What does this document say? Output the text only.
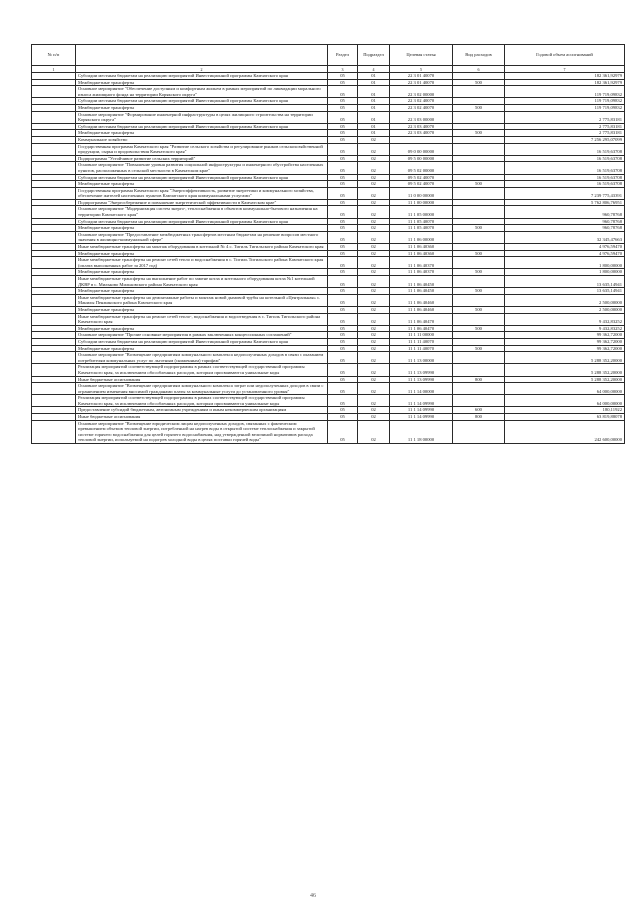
№ п/п		Раздел	Подраздел	Целевая статья	Вид расходов	Годовой объем ассигнований
1	2	3	4	5	6	7
	Субсидии местным бюджетам на реализацию мероприятий Инвестиционной программы Камчатского края	05	01	22 3 01 40070		182 361,92979
	Межбюджетные трансферты	05	01	22 3 01 40070	500	182 361,92979
	Основное мероприятие "Обеспечение доступным и комфортным жильем в рамках мероприятий по ликвидации морального износа жилищного фонда на территории Корякского округа"	05	01	22 3 02 00000		119 719,09832
	Субсидии местным бюджетам на реализацию мероприятий Инвестиционной программы Камчатского края	05	01	22 3 02 40070		119 719,09832
	Межбюджетные трансферты	05	01	22 3 02 40070	500	119 719,09832
	Основное мероприятие "Формирование инженерной инфраструктуры в целях жилищного строительства на территории Корякского округа"	05	01	22 3 03 00000		2 775,83181
	Субсидии местным бюджетам на реализацию мероприятий Инвестиционной программы Камчатского края	05	01	22 3 03 40070		2 775,83181
	Межбюджетные трансферты	05	01	22 3 03 40070	500	2 775,83181
	Коммунальное хозяйство	05	02			7 256 295,07099
	Государственная программа Камчатского края "Развитие сельского хозяйства и регулирование рынков сельскохозяйственной продукции, сырья и продовольствия Камчатского края"	05	02	09 0 00 00000		16 519,63708
	Подпрограмма "Устойчивое развитие сельских территорий"	05	02	09 5 00 00000		16 519,63708
	Основное мероприятие "Повышение уровня развития социальной инфраструктуры и инженерного обустройства населенных пунктов, расположенных в сельской местности в Камчатском крае"	05	02	09 5 02 00000		16 519,63708
	Субсидии местным бюджетам на реализацию мероприятий Инвестиционной программы Камчатского края	05	02	09 5 02 40070		16 519,63708
	Межбюджетные трансферты	05	02	09 5 02 40070	500	16 519,63708
	Государственная программа Камчатского края "Энергоэффективность, развитие энергетики и коммунального хозяйства, обеспечение жителей населенных пунктов Камчатского края коммунальными услугами"	05	02	11 0 00 00000		7 239 775,43391
	Подпрограмма "Энергосбережение и повышение энергетической эффективности в Камчатском крае"	05	02	11 1 00 00000		5 762 806,76951
	Основное мероприятие "Модернизация систем энерго-, теплоснабжения в объектов коммунально-бытового назначения на территории Камчатского края"	05	02	11 1 05 00000		960,78768
	Субсидии местным бюджетам на реализацию мероприятий Инвестиционной программы Камчатского края	05	02	11 1 05 40070		960,78768
	Межбюджетные трансферты	05	02	11 1 05 40070	500	960,78768
	Основное мероприятие "Предоставление межбюджетных трансфертов местным бюджетам на решение вопросов местного значения в жилищно-коммунальной сфере"	05	02	11 1 06 00000		32 345,47663
	Иные межбюджетные трансферты на монтаж оборудования в котельной № 4 с. Тигиль Тигильского района Камчатского края	05	02	11 1 06 40360		4 976,59470
	Межбюджетные трансферты	05	02	11 1 06 40360	500	4 976,59470
	Иные межбюджетные трансферты на ремонт сетей тепло и водоснабжения в с. Тигиль Тигильского района Камчатского края (оплата выполненных работ за 2017 год)	05	02	11 1 06 40370		1 800,00000
	Межбюджетные трансферты	05	02	11 1 06 40370	500	1 800,00000
	Иные межбюджетные трансферты на выполнение работ по замене котла и котельного оборудования котла №1 котельной ДКВР в с. Мильково Мильковского района Камчатского края	05	02	11 1 06 40450		13 635,14941
	Межбюджетные трансферты	05	02	11 1 06 40450	500	13 635,14941
	Иные межбюджетные трансферты на демонтажные работы и монтаж новой дымовой трубы на котельной «Центральная» с. Манилы Пенжинского района Камчатского края	05	02	11 1 06 40460		2 500,00000
	Межбюджетные трансферты	05	02	11 1 06 40460	500	2 500,00000
	Иные межбюджетные трансферты на ремонт сетей тепло-, водоснабжения и водоотведения в с. Тигиль Тигильского района Камчатского края	05	02	11 1 06 40470		9 432,83252
	Межбюджетные трансферты	05	02	11 1 06 40470	500	9 432,83252
	Основное мероприятие "Прочие основные мероприятия в рамках заключенных концессионных соглашений"	05	02	11 1 11 00000		99 362,72000
	Субсидии местным бюджетам на реализацию мероприятий Инвестиционной программы Камчатского края	05	02	11 1 11 40070		99 362,72000
	Межбюджетные трансферты	05	02	11 1 11 40070	500	99 362,72000
	Основное мероприятие "Возмещение предприятиям коммунального комплекса недополученных доходов в связи с оказанием потребителям коммунальных услуг по льготным (сниженным) тарифам"	05	02	11 1 13 00000		5 288 352,20000
	Реализация мероприятий соответствующей подпрограммы в рамках соответствующей государственной программы Камчатского края, за исключением обособленных расходов, которым присваиваются уникальные коды	05	02	11 1 13 09990		5 288 352,20000
	Иные бюджетные ассигнования	05	02	11 1 13 09990	800	5 288 352,20000
	Основное мероприятие "Возмещение предприятиям коммунального комплекса затрат или недополученных доходов в связи с ограничением изменения вносимой гражданами платы за коммунальные услуги до установленного уровня"	05	02	11 1 14 00000		64 000,00000
	Реализация мероприятий соответствующей подпрограммы в рамках соответствующей государственной программы Камчатского края, за исключением обособленных расходов, которым присваиваются уникальные коды	05	02	11 1 14 09990		64 000,00000
	Предоставление субсидий бюджетным, автономным учреждениям и иным некоммерческим организациям	05	02	11 1 14 09990	600	180,11922
	Иные бюджетные ассигнования	05	02	11 1 14 09990	800	63 819,88078
	Основное мероприятие "Возмещение юридическим лицам недополученных доходов, связанных с фактическим превышением объемов тепловой энергии, потребленной на нагрев воды в открытой системе теплоснабжения и закрытой системе горячего водоснабжения для целей горячего водоснабжения, над утвержденной величиной нормативов расхода тепловой энергии, используемой на подогрев холодной воды в целях поставки горячей воды"	05	02	11 1 18 00000		242 600,00000
46
